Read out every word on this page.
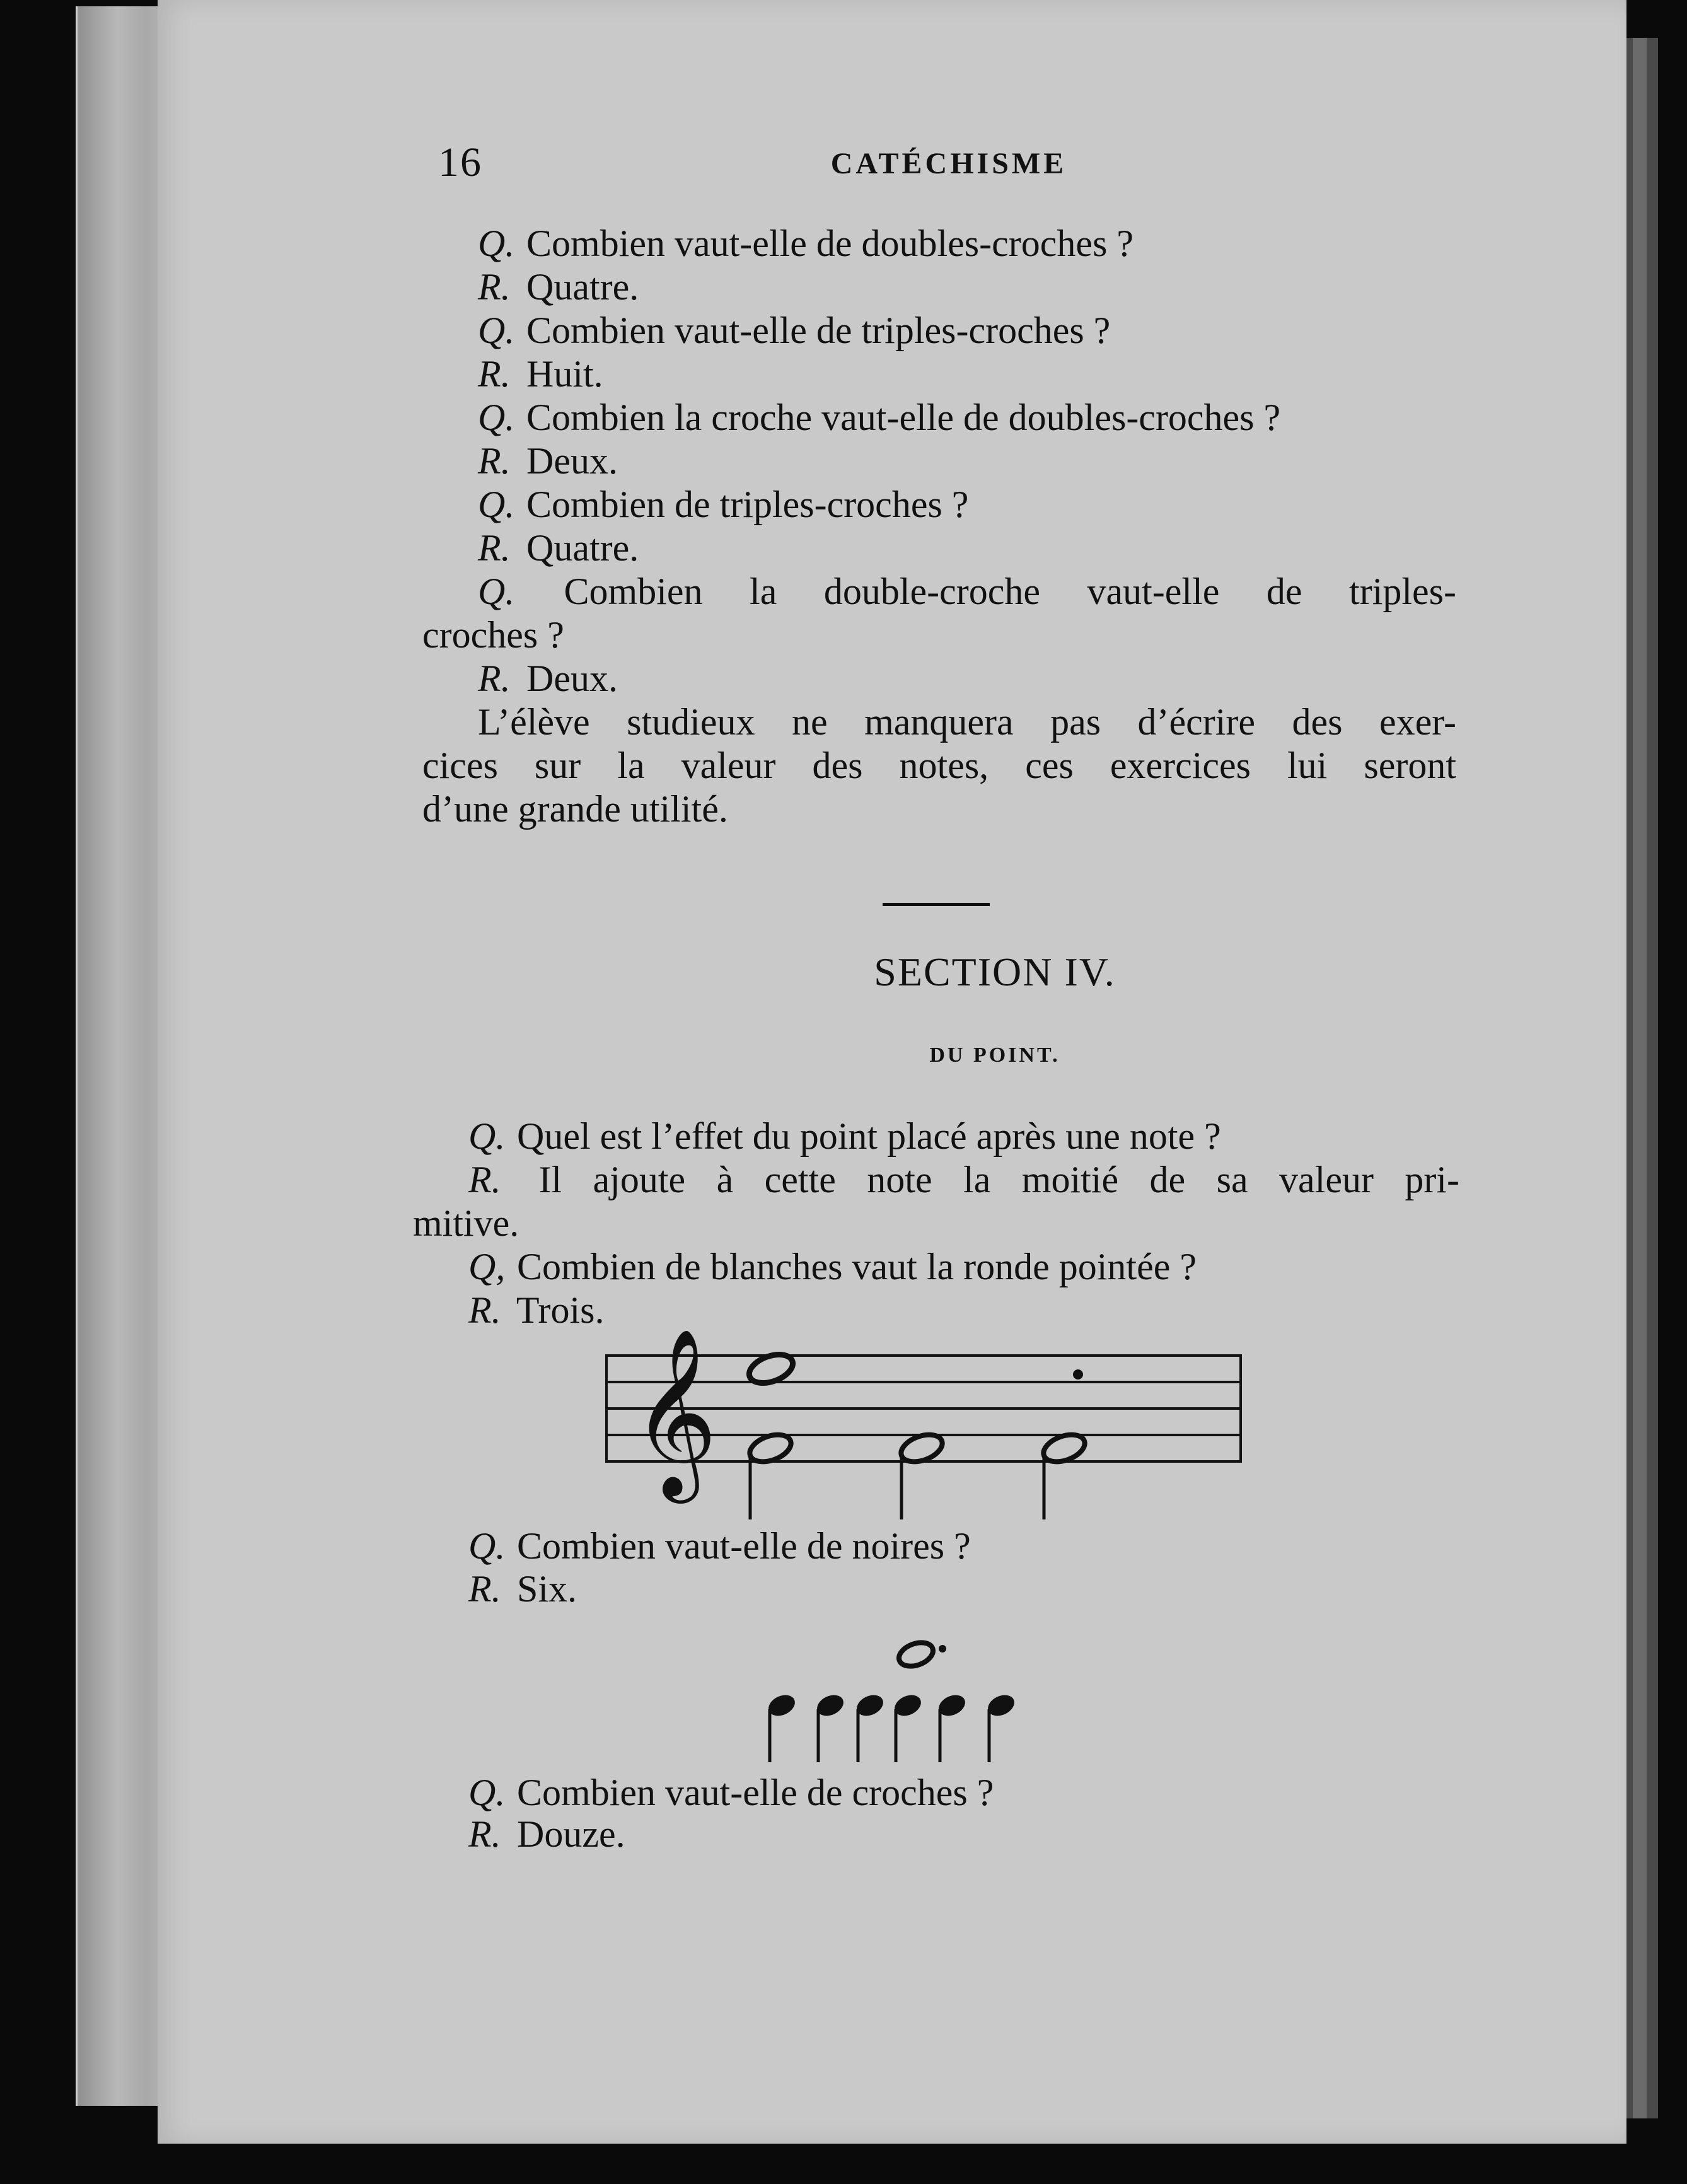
16	CATÉCHISME
Q. Combien vaut-elle de doubles-croches ?
R. Quatre.
Q. Combien vaut-elle de triples-croches ?
R. Huit.
Q. Combien la croche vaut-elle de doubles-croches ?
R. Deux.
Q. Combien de triples-croches ?
R. Quatre.
Q. Combien la double-croche vaut-elle de triples-
croches ?
R. Deux.
L’élève studieux ne manquera pas d’écrire des exer-
cices sur la valeur des notes, ces exercices lui seront
d’une grande utilité.
SECTION IV.
DU POINT.
Q. Quel est l’effet du point placé après une note ?
R. Il ajoute à cette note la moitié de sa valeur pri-
mitive.
Q, Combien de blanches vaut la ronde pointée ?
R. Trois.
𝄞
Q. Combien vaut-elle de noires ?
R. Six.
Q. Combien vaut-elle de croches ?
R. Douze.
